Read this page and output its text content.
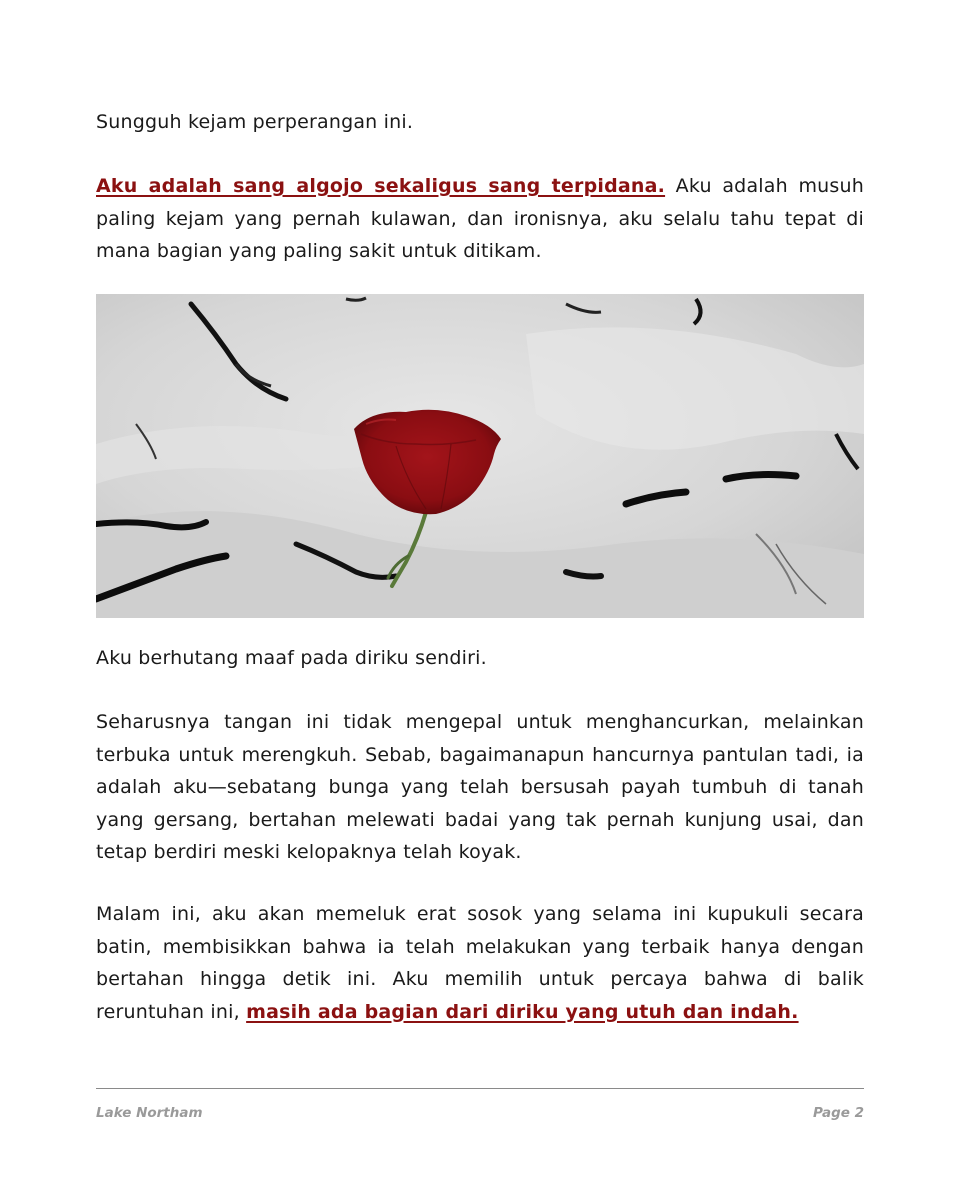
Sungguh kejam perperangan ini.

Aku adalah sang algojo sekaligus sang terpidana. Aku adalah musuh paling kejam yang pernah kulawan, dan ironisnya, aku selalu tahu tepat di mana bagian yang paling sakit untuk ditikam.

Aku berhutang maaf pada diriku sendiri.

Seharusnya tangan ini tidak mengepal untuk menghancurkan, melainkan terbuka untuk merengkuh. Sebab, bagaimanapun hancurnya pantulan tadi, ia adalah aku—sebatang bunga yang telah bersusah payah tumbuh di tanah yang gersang, bertahan melewati badai yang tak pernah kunjung usai, dan tetap berdiri meski kelopaknya telah koyak.

Malam ini, aku akan memeluk erat sosok yang selama ini kupukuli secara batin, membisikkan bahwa ia telah melakukan yang terbaik hanya dengan bertahan hingga detik ini. Aku memilih untuk percaya bahwa di balik reruntuhan ini, masih ada bagian dari diriku yang utuh dan indah.

Lake Northam	Page 2
